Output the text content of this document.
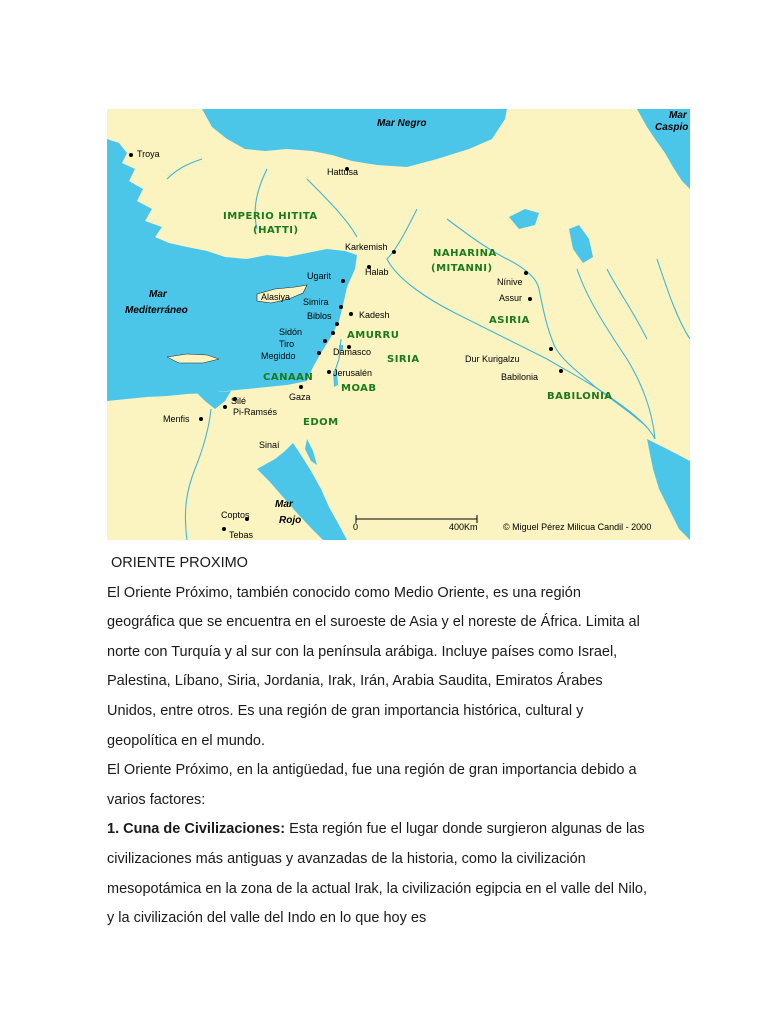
Mar Negro
Mar
Caspio
Mar
Mediterráneo
Mar
Rojo
IMPERIO HITITA
(HATTI)
NAHARINA
(MITANNI)
ASIRIA
AMURRU
SIRIA
CANAAN
MOAB
EDOM
BABILONIA
Troya
Hattusa
Karkemish
Halab
Ugarit
Alasiya Simira
Kadesh
Biblos
Sidón
Tiro
Megiddo	Damasco
Jerusalén
Gaza
Silé
Pi-Ramsés
Menfis
Sinaí
Coptos
Tebas
Nínive
Assur
Dur Kurigalzu
Babilonia
0	400Km	© Miguel Pérez Milicua Candil - 2000

ORIENTE PROXIMO

El Oriente Próximo, también conocido como Medio Oriente, es una región geográfica que se encuentra en el suroeste de Asia y el noreste de África. Limita al norte con Turquía y al sur con la península arábiga. Incluye países como Israel, Palestina, Líbano, Siria, Jordania, Irak, Irán, Arabia Saudita, Emiratos Árabes Unidos, entre otros. Es una región de gran importancia histórica, cultural y geopolítica en el mundo.

El Oriente Próximo, en la antigüedad, fue una región de gran importancia debido a varios factores:

1. Cuna de Civilizaciones: Esta región fue el lugar donde surgieron algunas de las civilizaciones más antiguas y avanzadas de la historia, como la civilización mesopotámica en la zona de la actual Irak, la civilización egipcia en el valle del Nilo, y la civilización del valle del Indo en lo que hoy es
